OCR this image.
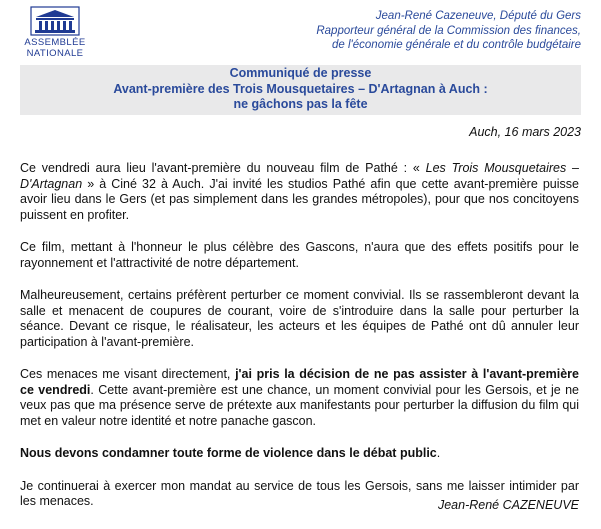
ASSEMBLÉE
NATIONALE
Jean-René Cazeneuve, Député du Gers
Rapporteur général de la Commission des finances,
de l'économie générale et du contrôle budgétaire
Communiqué de presse
Avant-première des Trois Mousquetaires – D'Artagnan à Auch :
ne gâchons pas la fête
Auch, 16 mars 2023

Ce vendredi aura lieu l'avant-première du nouveau film de Pathé : « Les Trois Mousquetaires – D'Artagnan » à Ciné 32 à Auch. J'ai invité les studios Pathé afin que cette avant-première puisse avoir lieu dans le Gers (et pas simplement dans les grandes métropoles), pour que nos concitoyens puissent en profiter.

Ce film, mettant à l'honneur le plus célèbre des Gascons, n'aura que des effets positifs pour le rayonnement et l'attractivité de notre département.

Malheureusement, certains préfèrent perturber ce moment convivial. Ils se rassembleront devant la salle et menacent de coupures de courant, voire de s'introduire dans la salle pour perturber la séance. Devant ce risque, le réalisateur, les acteurs et les équipes de Pathé ont dû annuler leur participation à l'avant-première.

Ces menaces me visant directement, j'ai pris la décision de ne pas assister à l'avant-première ce vendredi. Cette avant-première est une chance, un moment convivial pour les Gersois, et je ne veux pas que ma présence serve de prétexte aux manifestants pour perturber la diffusion du film qui met en valeur notre identité et notre panache gascon.

Nous devons condamner toute forme de violence dans le débat public.

Je continuerai à exercer mon mandat au service de tous les Gersois, sans me laisser intimider par les menaces.	Jean-René CAZENEUVE
